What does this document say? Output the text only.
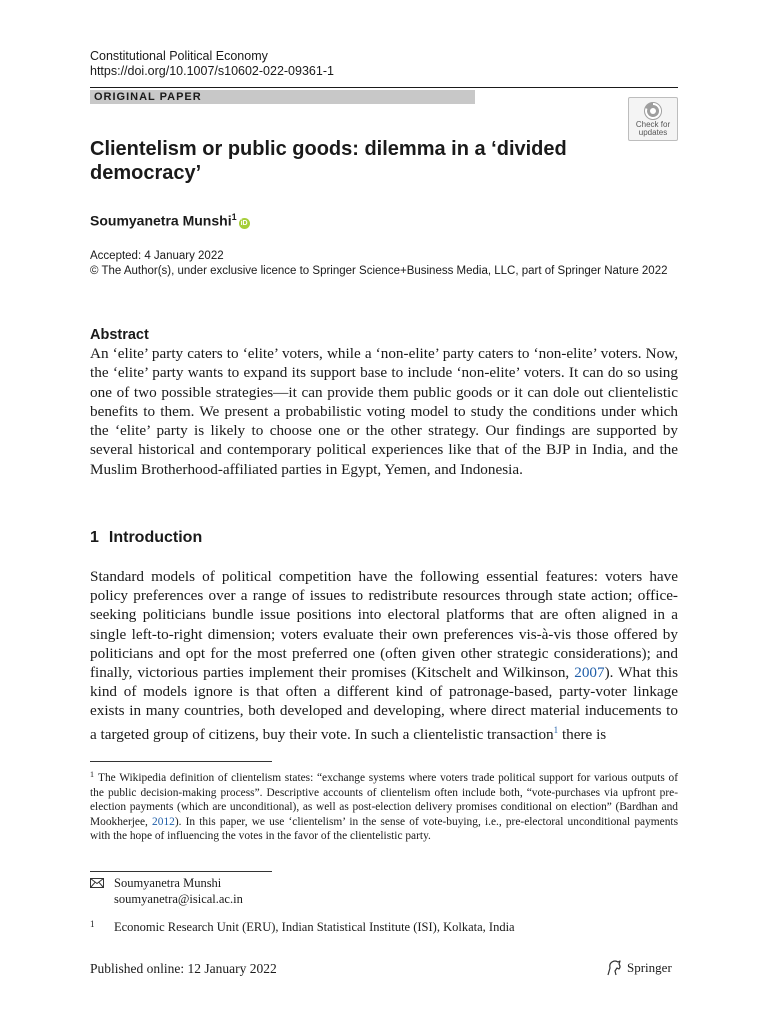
Constitutional Political Economy
https://doi.org/10.1007/s10602-022-09361-1
ORIGINAL PAPER
Check for
updates
Clientelism or public goods: dilemma in a ‘divided democracy’
Soumyanetra Munshi$^1$iD
Accepted: 4 January 2022
© The Author(s), under exclusive licence to Springer Science+Business Media, LLC, part of Springer Nature 2022
Abstract
An ‘elite’ party caters to ‘elite’ voters, while a ‘non-elite’ party caters to ‘non-elite’ voters. Now, the ‘elite’ party wants to expand its support base to include ‘non-elite’ voters. It can do so using one of two possible strategies—it can provide them public goods or it can dole out clientelistic benefits to them. We present a probabilistic voting model to study the conditions under which the ‘elite’ party is likely to choose one or the other strategy. Our findings are supported by several historical and contemporary political experiences like that of the BJP in India, and the Muslim Brotherhood-affiliated parties in Egypt, Yemen, and Indonesia.
1 Introduction
Standard models of political competition have the following essential features: voters have policy preferences over a range of issues to redistribute resources through state action; office-seeking politicians bundle issue positions into electoral platforms that are often aligned in a single left-to-right dimension; voters evaluate their own preferences vis-à-vis those offered by politicians and opt for the most preferred one (often given other strategic considerations); and finally, victorious parties implement their promises (Kitschelt and Wilkinson, 2007). What this kind of models ignore is that often a different kind of patronage-based, party-voter linkage exists in many countries, both developed and developing, where direct material inducements to a targeted group of citizens, buy their vote. In such a clientelistic transaction$^1$ there is
$^1$ The Wikipedia definition of clientelism states: “exchange systems where voters trade political support for various outputs of the public decision-making process”. Descriptive accounts of clientelism often include both, “vote-purchases via upfront pre-election payments (which are unconditional), as well as post-election delivery promises conditional on election” (Bardhan and Mookherjee, 2012). In this paper, we use ‘clientelism’ in the sense of vote-buying, i.e., pre-electoral unconditional payments with the hope of influencing the votes in the favor of the clientelistic party.
Soumyanetra Munshi
soumyanetra@isical.ac.in
1 Economic Research Unit (ERU), Indian Statistical Institute (ISI), Kolkata, India
Published online: 12 January 2022	Springer
